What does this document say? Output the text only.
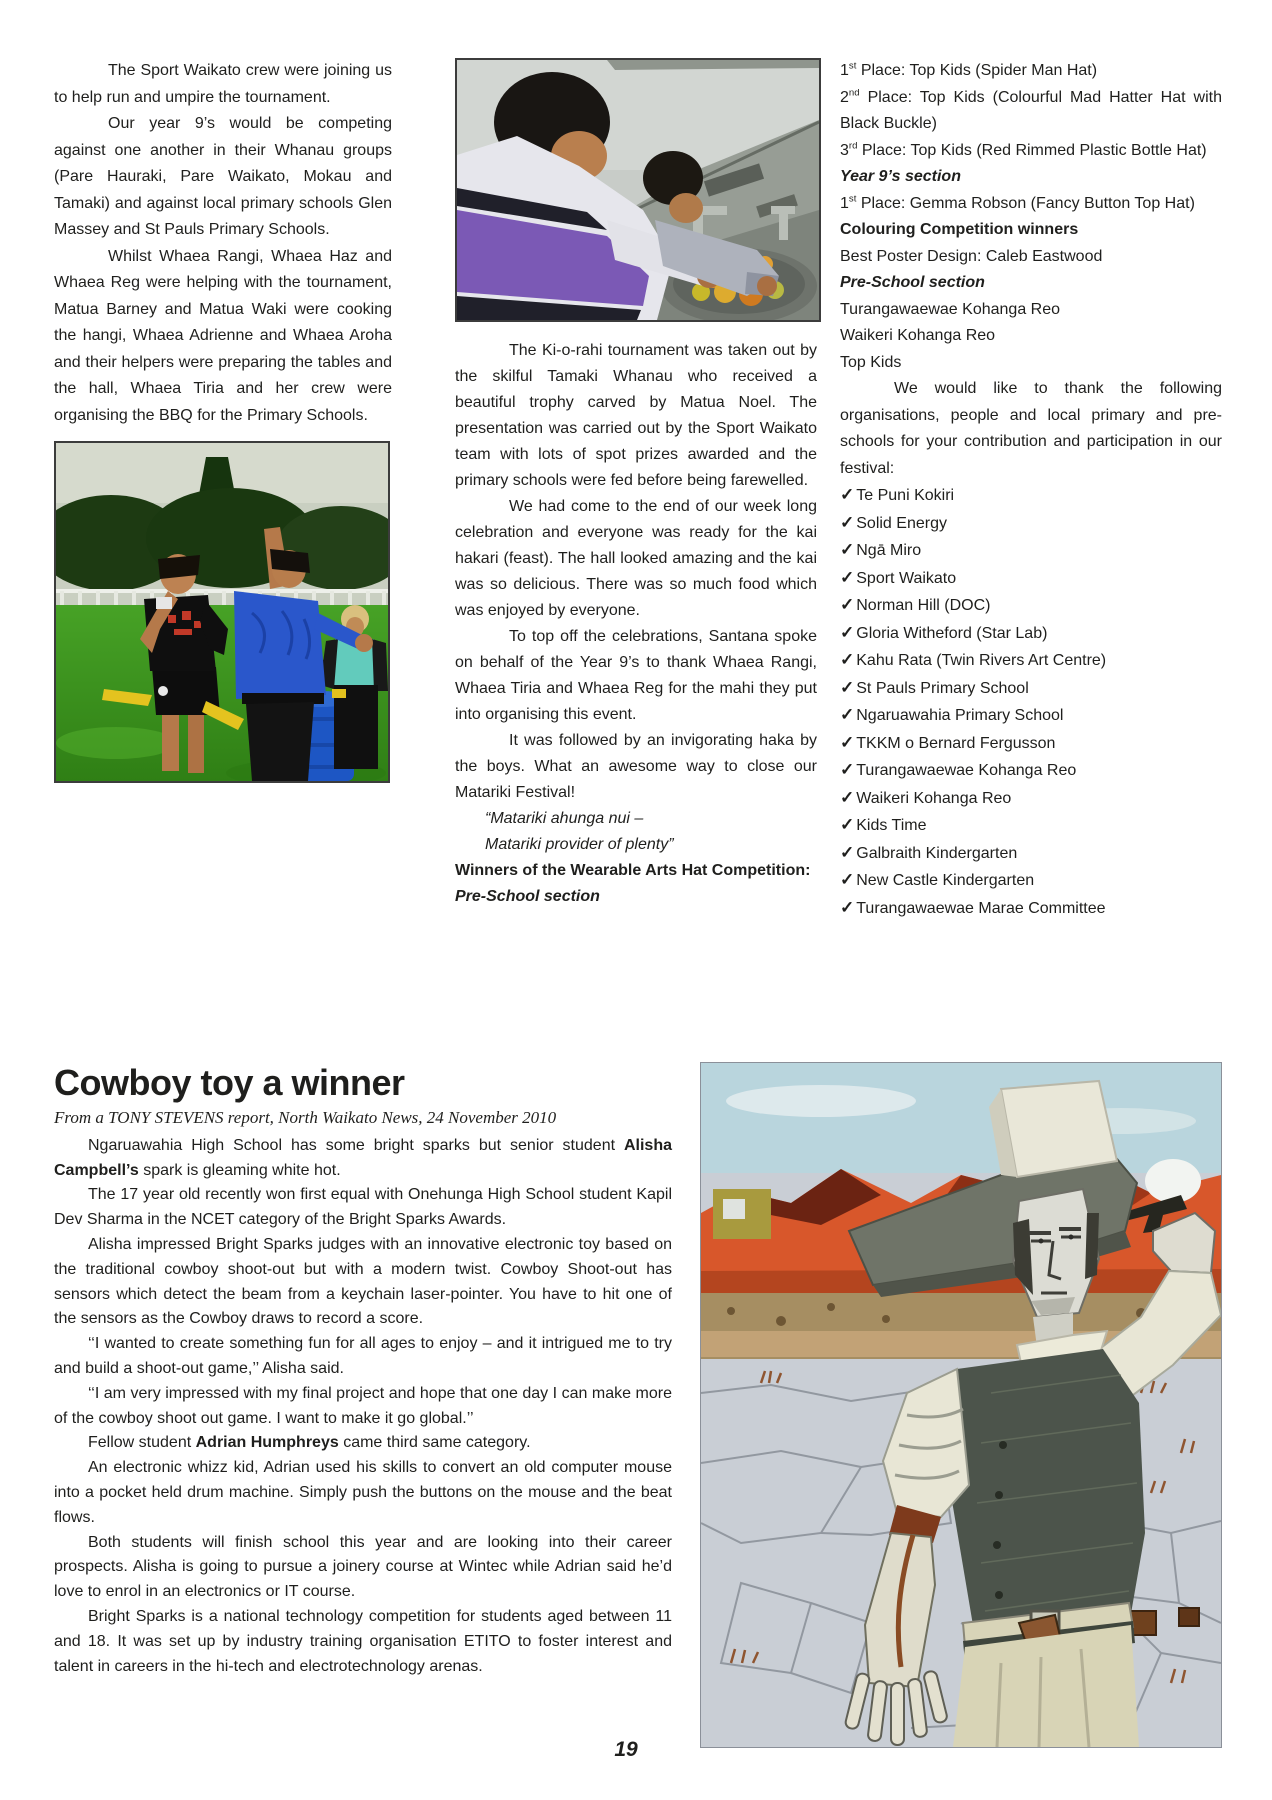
The Sport Waikato crew were joining us to help run and umpire the tournament.
Our year 9’s would be competing against one another in their Whanau groups (Pare Hauraki, Pare Waikato, Mokau and Tamaki) and against local primary schools Glen Massey and St Pauls Primary Schools.
Whilst Whaea Rangi, Whaea Haz and Whaea Reg were helping with the tournament, Matua Barney and Matua Waki were cooking the hangi, Whaea Adrienne and Whaea Aroha and their helpers were preparing the tables and the hall, Whaea Tiria and her crew were organising the BBQ for the Primary Schools.
The Ki-o-rahi tournament was taken out by the skilful Tamaki Whanau who received a beautiful trophy carved by Matua Noel. The presentation was carried out by the Sport Waikato team with lots of spot prizes awarded and the primary schools were fed before being farewelled.
We had come to the end of our week long celebration and everyone was ready for the kai hakari (feast). The hall looked amazing and the kai was so delicious. There was so much food which was enjoyed by everyone.
To top off the celebrations, Santana spoke on behalf of the Year 9’s to thank Whaea Rangi, Whaea Tiria and Whaea Reg for the mahi they put into organising this event.
It was followed by an invigorating haka by the boys. What an awesome way to close our Matariki Festival!
“Matariki ahunga nui –
Matariki provider of plenty”
Winners of the Wearable Arts Hat Competition:
Pre-School section
1st Place: Top Kids (Spider Man Hat)
2nd Place: Top Kids (Colourful Mad Hatter Hat with Black Buckle)
3rd Place: Top Kids (Red Rimmed Plastic Bottle Hat)
Year 9’s section
1st Place: Gemma Robson (Fancy Button Top Hat)
Colouring Competition winners
Best Poster Design: Caleb Eastwood
Pre-School section
Turangawaewae Kohanga Reo
Waikeri Kohanga Reo
Top Kids
We would like to thank the following organisations, people and local primary and pre-schools for your contribution and participation in our festival:
✓ Te Puni Kokiri
✓ Solid Energy
✓ Ngā Miro
✓ Sport Waikato
✓ Norman Hill (DOC)
✓ Gloria Witheford (Star Lab)
✓ Kahu Rata (Twin Rivers Art Centre)
✓ St Pauls Primary School
✓ Ngaruawahia Primary School
✓ TKKM o Bernard Fergusson
✓ Turangawaewae Kohanga Reo
✓ Waikeri Kohanga Reo
✓ Kids Time
✓ Galbraith Kindergarten
✓ New Castle Kindergarten
✓ Turangawaewae Marae Committee
Cowboy toy a winner
From a TONY STEVENS report, North Waikato News, 24 November 2010
Ngaruawahia High School has some bright sparks but senior student Alisha Campbell’s spark is gleaming white hot.
The 17 year old recently won first equal with Onehunga High School student Kapil Dev Sharma in the NCET category of the Bright Sparks Awards.
Alisha impressed Bright Sparks judges with an innovative electronic toy based on the traditional cowboy shoot-out but with a modern twist. Cowboy Shoot-out has sensors which detect the beam from a keychain laser-pointer. You have to hit one of the sensors as the Cowboy draws to record a score.
‘‘I wanted to create something fun for all ages to enjoy – and it intrigued me to try and build a shoot-out game,’’ Alisha said.
‘‘I am very impressed with my final project and hope that one day I can make more of the cowboy shoot out game. I want to make it go global.’’
Fellow student Adrian Humphreys came third same category.
An electronic whizz kid, Adrian used his skills to convert an old computer mouse into a pocket held drum machine. Simply push the buttons on the mouse and the beat flows.
Both students will finish school this year and are looking into their career prospects. Alisha is going to pursue a joinery course at Wintec while Adrian said he’d love to enrol in an electronics or IT course.
Bright Sparks is a national technology competition for students aged between 11 and 18. It was set up by industry training organisation ETITO to foster interest and talent in careers in the hi-tech and electrotechnology arenas.
19
